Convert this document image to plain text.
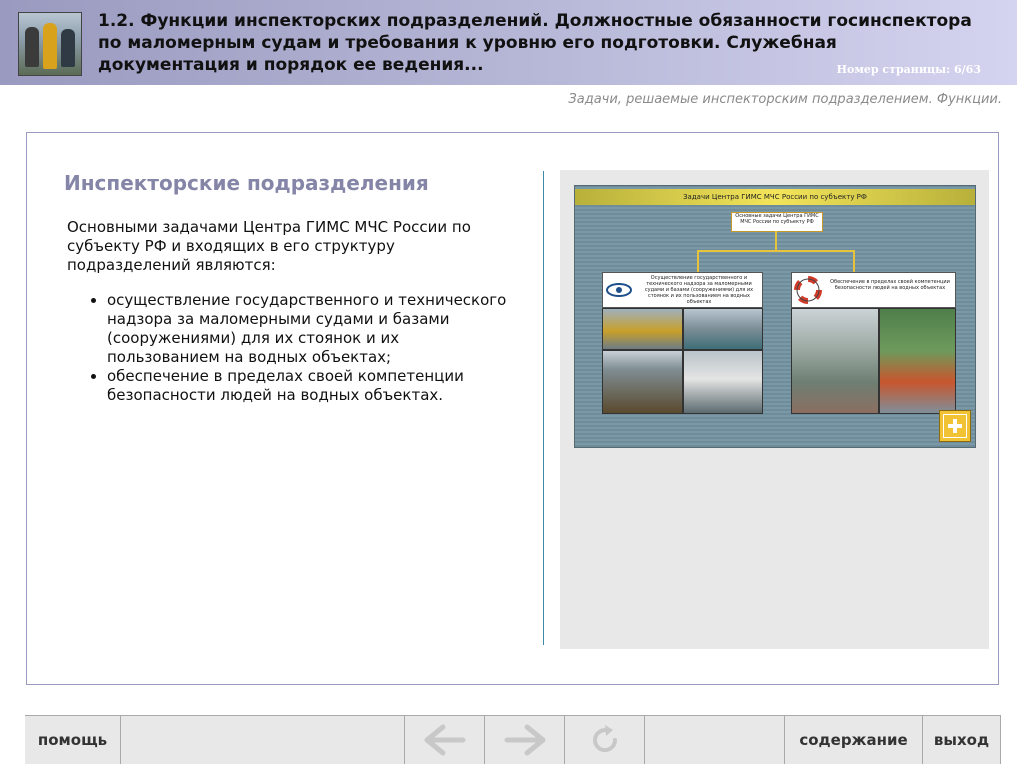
1.2. Функции инспекторских подразделений. Должностные обязанности госинспектора по маломерным судам и требования к уровню его подготовки. Служебная документация и порядок ее ведения...	Номер страницы: 6/63
Задачи, решаемые инспекторским подразделением. Функции.
Инспекторские подразделения
Основными задачами Центра ГИМС МЧС России по субъекту РФ и входящих в его структуру подразделений являются:
• осуществление государственного и технического надзора за маломерными судами и базами (сооружениями) для их стоянок и их пользованием на водных объектах;
• обеспечение в пределах своей компетенции безопасности людей на водных объектах.
Задачи Центра ГИМС МЧС России по субъекту РФ
Основные задачи Центра ГИМС МЧС России по субъекту РФ
Осуществление государственного и технического надзора за маломерными судами и базами (сооружениями) для их стоянок и их пользованием на водных объектах
Обеспечение в пределах своей компетенции безопасности людей на водных объектах
помощь	содержание	выход
